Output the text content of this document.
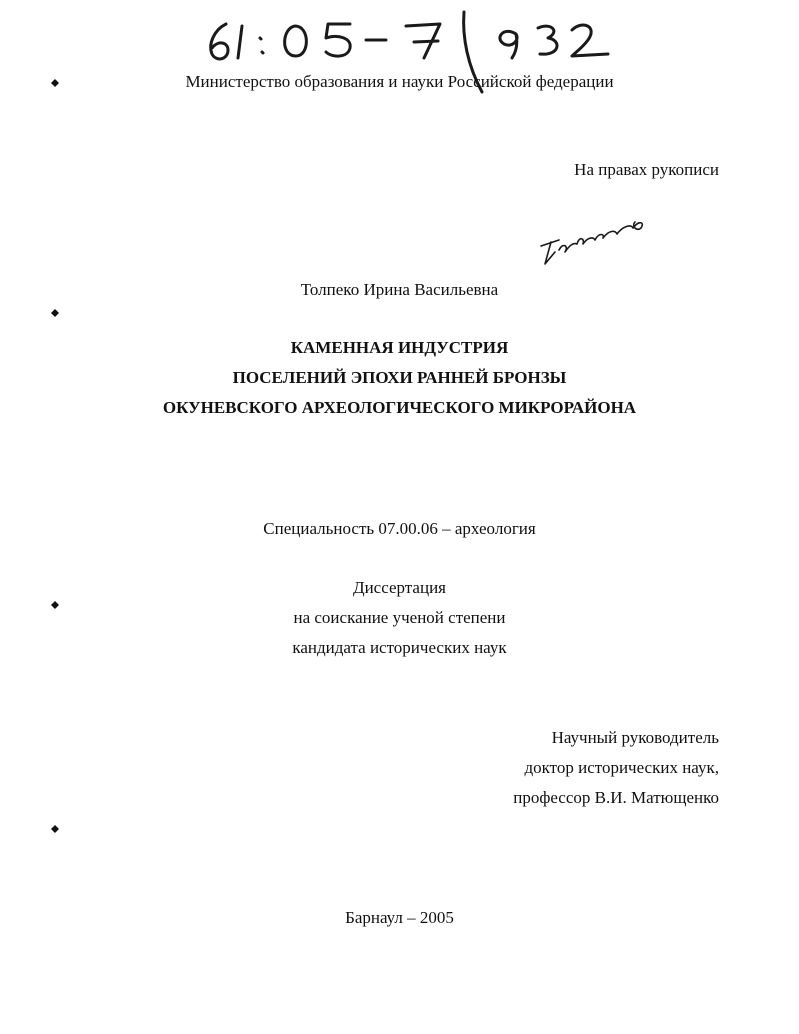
Министерство образования и науки Российской федерации
На правах рукописи
Толпеко Ирина Васильевна
КАМЕННАЯ ИНДУСТРИЯ
ПОСЕЛЕНИЙ ЭПОХИ РАННЕЙ БРОНЗЫ
ОКУНЕВСКОГО АРХЕОЛОГИЧЕСКОГО МИКРОРАЙОНА
Специальность 07.00.06 – археология
Диссертация
на соискание ученой степени
кандидата исторических наук
Научный руководитель
доктор исторических наук,
профессор В.И. Матющенко
Барнаул – 2005
